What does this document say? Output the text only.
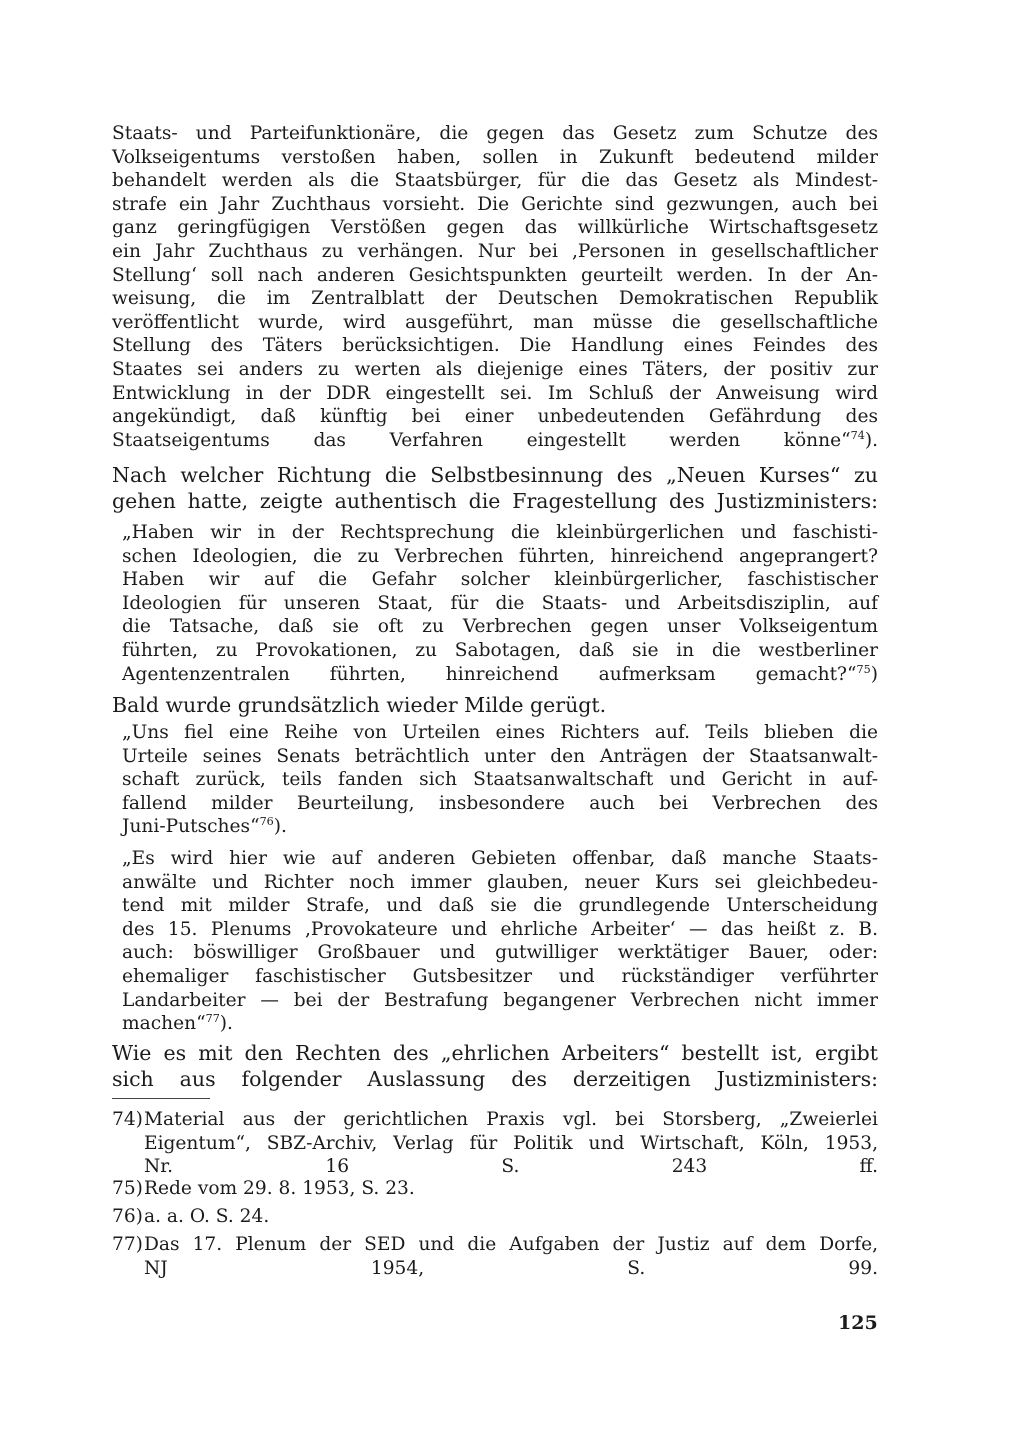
Staats- und Parteifunktionäre, die gegen das Gesetz zum Schutze des
Volkseigentums verstoßen haben, sollen in Zukunft bedeutend milder
behandelt werden als die Staatsbürger, für die das Gesetz als Mindest-
strafe ein Jahr Zuchthaus vorsieht. Die Gerichte sind gezwungen, auch bei
ganz geringfügigen Verstößen gegen das willkürliche Wirtschaftsgesetz
ein Jahr Zuchthaus zu verhängen. Nur bei ‚Personen in gesellschaftlicher
Stellung‘ soll nach anderen Gesichtspunkten geurteilt werden. In der An-
weisung, die im Zentralblatt der Deutschen Demokratischen Republik
veröffentlicht wurde, wird ausgeführt, man müsse die gesellschaftliche
Stellung des Täters berücksichtigen. Die Handlung eines Feindes des
Staates sei anders zu werten als diejenige eines Täters, der positiv zur
Entwicklung in der DDR eingestellt sei. Im Schluß der Anweisung wird
angekündigt, daß künftig bei einer unbedeutenden Gefährdung des
Staatseigentums das Verfahren eingestellt werden könne“$^{74}$).
Nach welcher Richtung die Selbstbesinnung des „Neuen Kurses“ zu
gehen hatte, zeigte authentisch die Fragestellung des Justizministers:
„Haben wir in der Rechtsprechung die kleinbürgerlichen und faschisti-
schen Ideologien, die zu Verbrechen führten, hinreichend angeprangert?
Haben wir auf die Gefahr solcher kleinbürgerlicher, faschistischer
Ideologien für unseren Staat, für die Staats- und Arbeitsdisziplin, auf
die Tatsache, daß sie oft zu Verbrechen gegen unser Volkseigentum
führten, zu Provokationen, zu Sabotagen, daß sie in die westberliner
Agentenzentralen führten, hinreichend aufmerksam gemacht?“$^{75}$)
Bald wurde grundsätzlich wieder Milde gerügt.
„Uns fiel eine Reihe von Urteilen eines Richters auf. Teils blieben die
Urteile seines Senats beträchtlich unter den Anträgen der Staatsanwalt-
schaft zurück, teils fanden sich Staatsanwaltschaft und Gericht in auf-
fallend milder Beurteilung, insbesondere auch bei Verbrechen des
Juni-Putsches“$^{76}$).
„Es wird hier wie auf anderen Gebieten offenbar, daß manche Staats-
anwälte und Richter noch immer glauben, neuer Kurs sei gleichbedeu-
tend mit milder Strafe, und daß sie die grundlegende Unterscheidung
des 15. Plenums ‚Provokateure und ehrliche Arbeiter‘ — das heißt z. B.
auch: böswilliger Großbauer und gutwilliger werktätiger Bauer, oder:
ehemaliger faschistischer Gutsbesitzer und rückständiger verführter
Landarbeiter — bei der Bestrafung begangener Verbrechen nicht immer
machen“$^{77}$).
Wie es mit den Rechten des „ehrlichen Arbeiters“ bestellt ist, ergibt
sich aus folgender Auslassung des derzeitigen Justizministers:
74) Material aus der gerichtlichen Praxis vgl. bei Storsberg, „Zweierlei
Eigentum“, SBZ-Archiv, Verlag für Politik und Wirtschaft, Köln, 1953,
Nr. 16 S. 243 ff.
75) Rede vom 29. 8. 1953, S. 23.
76) a. a. O. S. 24.
77) Das 17. Plenum der SED und die Aufgaben der Justiz auf dem Dorfe,
NJ 1954, S. 99.
125
